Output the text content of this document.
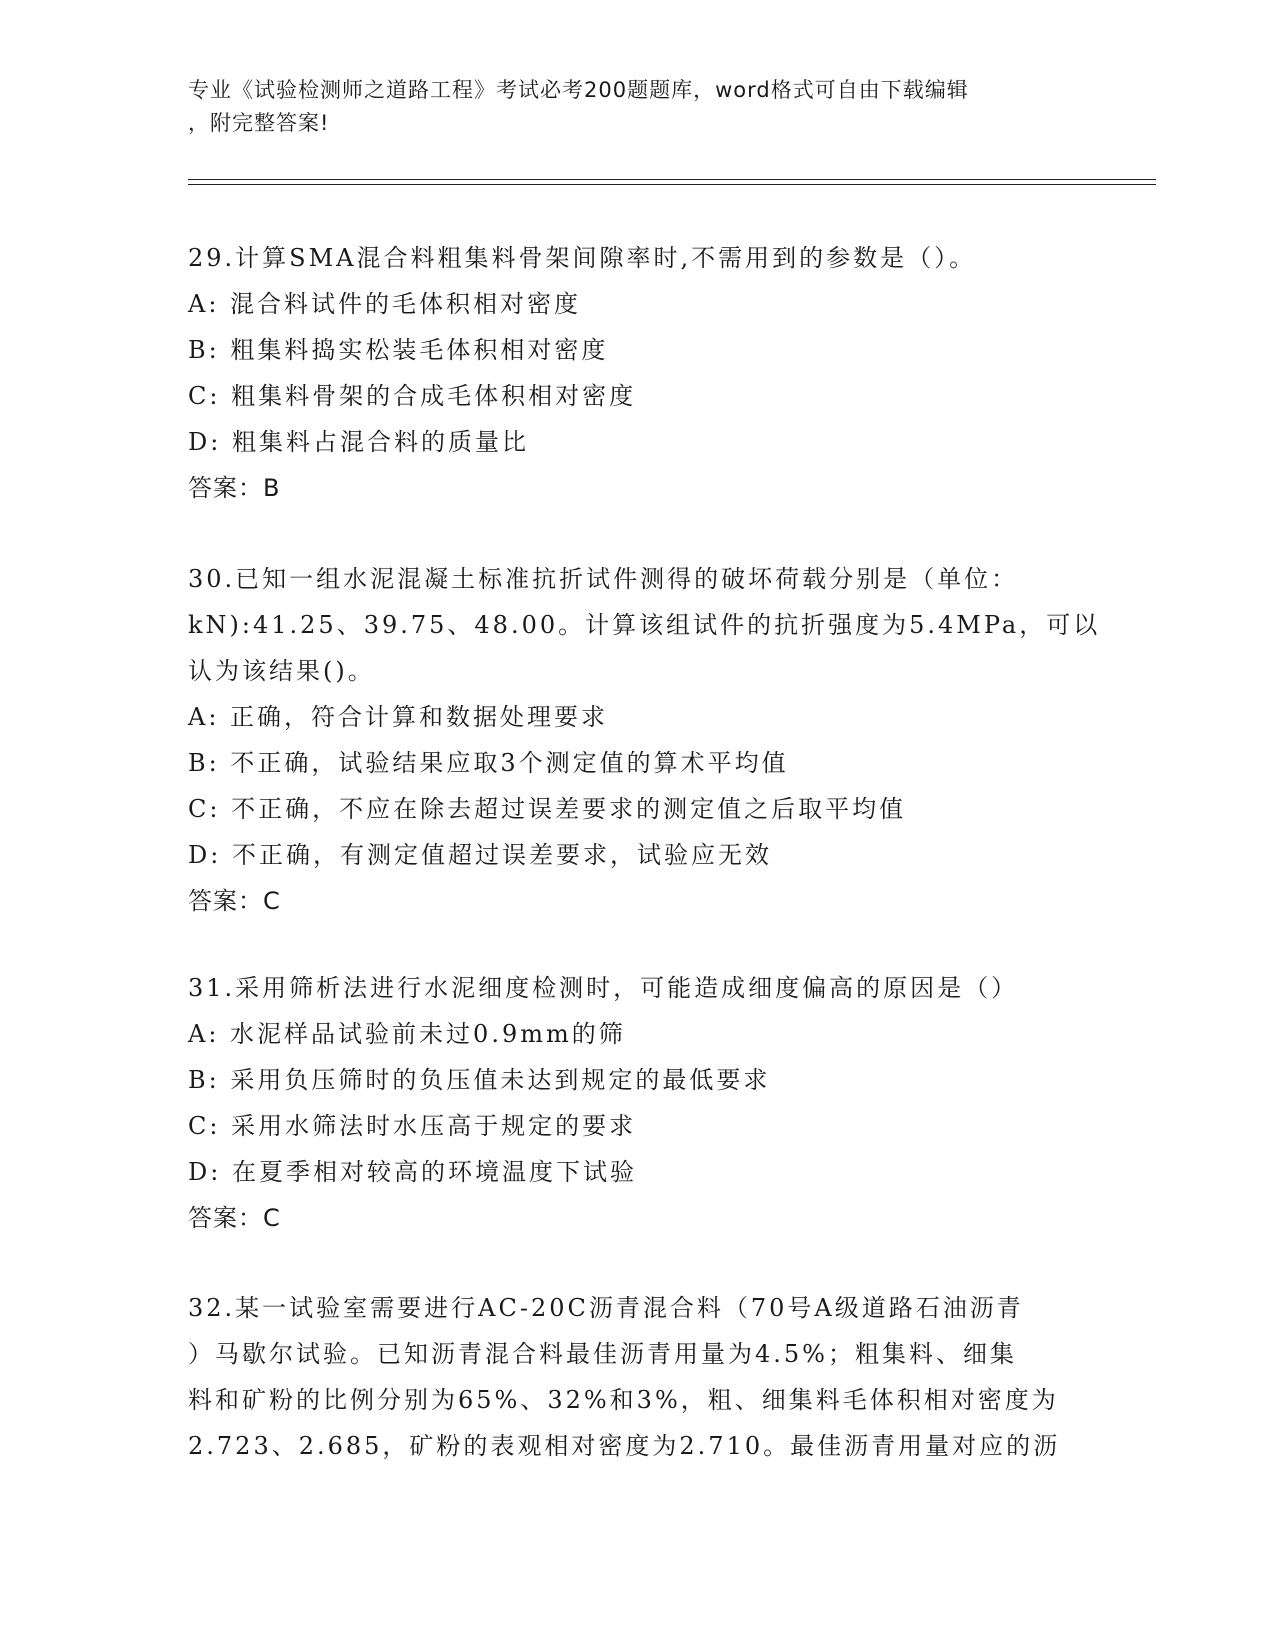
专业《试验检测师之道路工程》考试必考200题题库，word格式可自由下载编辑
，附完整答案!
29.计算SMA混合料粗集料骨架间隙率时,不需用到的参数是（）。
A: 混合料试件的毛体积相对密度
B: 粗集料捣实松装毛体积相对密度
C: 粗集料骨架的合成毛体积相对密度
D: 粗集料占混合料的质量比
答案：B
30.已知一组水泥混凝土标准抗折试件测得的破坏荷载分别是（单位：
kN):41.25、39.75、48.00。计算该组试件的抗折强度为5.4MPa，可以
认为该结果()。
A: 正确，符合计算和数据处理要求
B: 不正确，试验结果应取3个测定值的算术平均值
C: 不正确，不应在除去超过误差要求的测定值之后取平均值
D: 不正确，有测定值超过误差要求，试验应无效
答案：C
31.采用筛析法进行水泥细度检测时，可能造成细度偏高的原因是（）
A: 水泥样品试验前未过0.9mm的筛
B: 采用负压筛时的负压值未达到规定的最低要求
C: 采用水筛法时水压高于规定的要求
D: 在夏季相对较高的环境温度下试验
答案：C
32.某一试验室需要进行AC-20C沥青混合料（70号A级道路石油沥青
）马歇尔试验。已知沥青混合料最佳沥青用量为4.5%；粗集料、细集
料和矿粉的比例分别为65%、32%和3%，粗、细集料毛体积相对密度为
2.723、2.685，矿粉的表观相对密度为2.710。最佳沥青用量对应的沥
